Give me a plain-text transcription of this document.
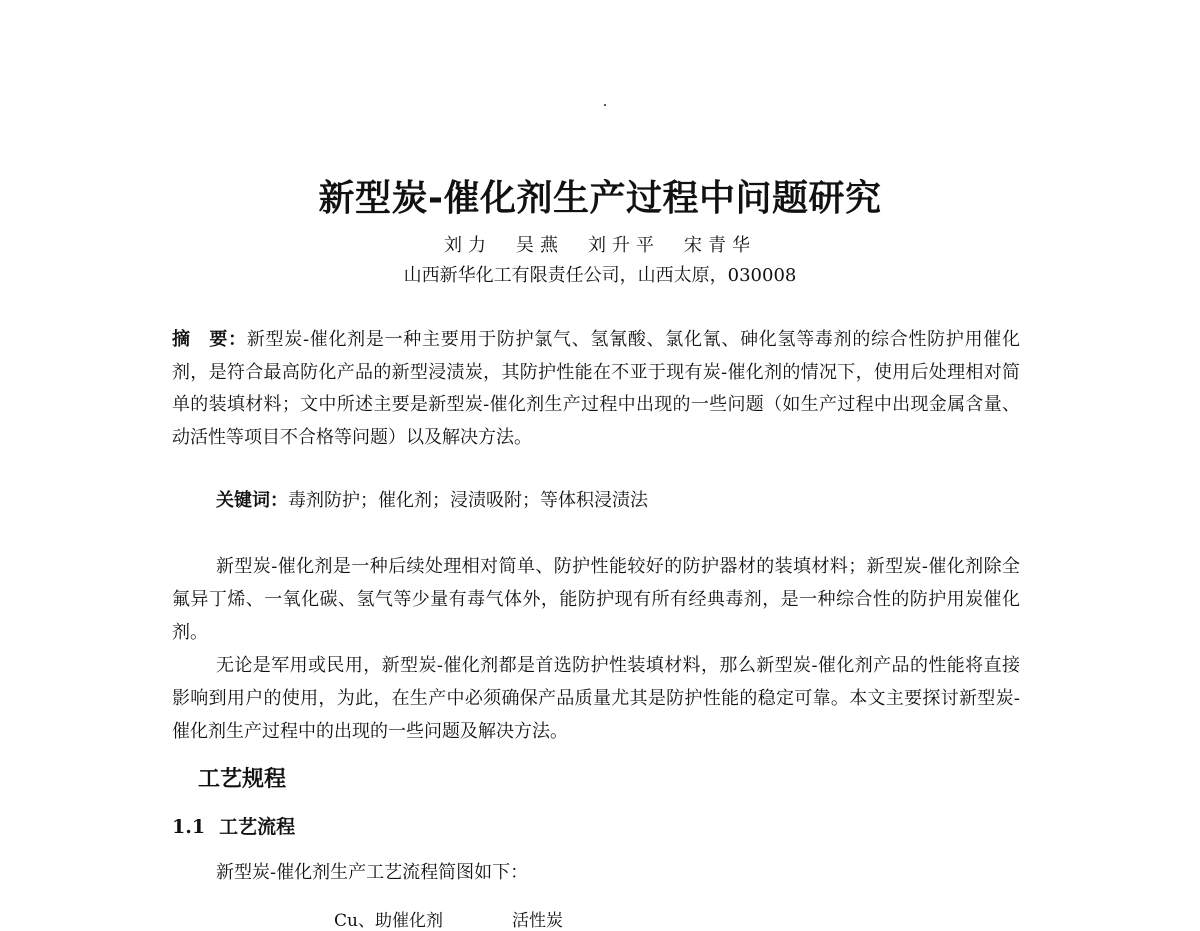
新型炭-催化剂生产过程中问题研究
刘力　吴燕　刘升平　宋青华
山西新华化工有限责任公司，山西太原，030008

摘　要：新型炭-催化剂是一种主要用于防护氯气、氢氰酸、氯化氰、砷化氢等毒剂的综合性防护用催化剂，是符合最高防化产品的新型浸渍炭，其防护性能在不亚于现有炭-催化剂的情况下，使用后处理相对简单的装填材料；文中所述主要是新型炭-催化剂生产过程中出现的一些问题（如生产过程中出现金属含量、动活性等项目不合格等问题）以及解决方法。

关键词：毒剂防护；催化剂；浸渍吸附；等体积浸渍法

新型炭-催化剂是一种后续处理相对简单、防护性能较好的防护器材的装填材料；新型炭-催化剂除全氟异丁烯、一氧化碳、氢气等少量有毒气体外，能防护现有所有经典毒剂，是一种综合性的防护用炭催化剂。

无论是军用或民用，新型炭-催化剂都是首选防护性装填材料，那么新型炭-催化剂产品的性能将直接影响到用户的使用，为此，在生产中必须确保产品质量尤其是防护性能的稳定可靠。本文主要探讨新型炭-催化剂生产过程中的出现的一些问题及解决方法。

工艺规程
1.1 工艺流程

新型炭-催化剂生产工艺流程简图如下：

Cu、助催化剂	活性炭
